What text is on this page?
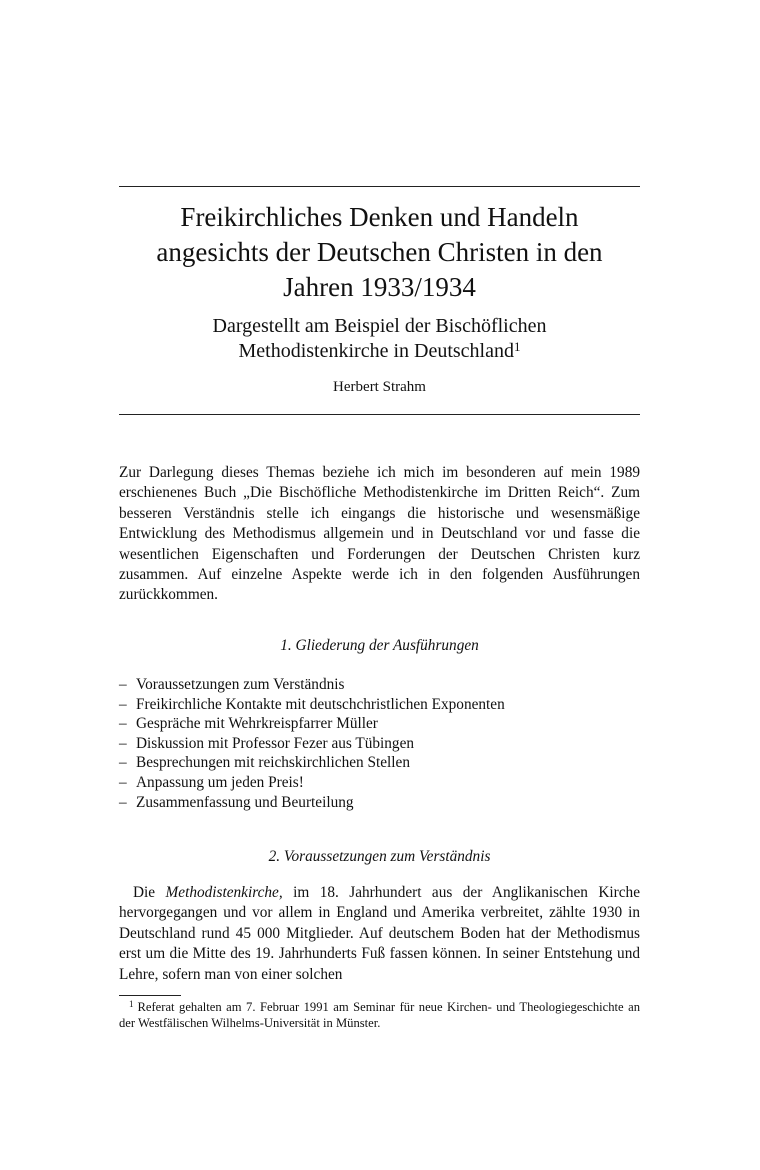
Freikirchliches Denken und Handeln
angesichts der Deutschen Christen in den
Jahren 1933/1934
Dargestellt am Beispiel der Bischöflichen
Methodistenkirche in Deutschland$^1$
Herbert Strahm

Zur Darlegung dieses Themas beziehe ich mich im besonderen auf mein 1989 erschienenes Buch „Die Bischöfliche Methodistenkirche im Dritten Reich“. Zum besseren Verständnis stelle ich eingangs die historische und wesensmäßige Entwicklung des Methodismus allgemein und in Deutschland vor und fasse die wesentlichen Eigenschaften und Forderungen der Deutschen Christen kurz zusammen. Auf einzelne Aspekte werde ich in den folgenden Ausführungen zurückkommen.

1. Gliederung der Ausführungen
– Voraussetzungen zum Verständnis
– Freikirchliche Kontakte mit deutschchristlichen Exponenten
– Gespräche mit Wehrkreispfarrer Müller
– Diskussion mit Professor Fezer aus Tübingen
– Besprechungen mit reichskirchlichen Stellen
– Anpassung um jeden Preis!
– Zusammenfassung und Beurteilung
2. Voraussetzungen zum Verständnis

Die Methodistenkirche, im 18. Jahrhundert aus der Anglikanischen Kirche hervorgegangen und vor allem in England und Amerika verbreitet, zählte 1930 in Deutschland rund 45 000 Mitglieder. Auf deutschem Boden hat der Methodismus erst um die Mitte des 19. Jahrhunderts Fuß fassen können. In seiner Entstehung und Lehre, sofern man von einer solchen

$^1$ Referat gehalten am 7. Februar 1991 am Seminar für neue Kirchen- und Theologiegeschichte an der Westfälischen Wilhelms-Universität in Münster.
